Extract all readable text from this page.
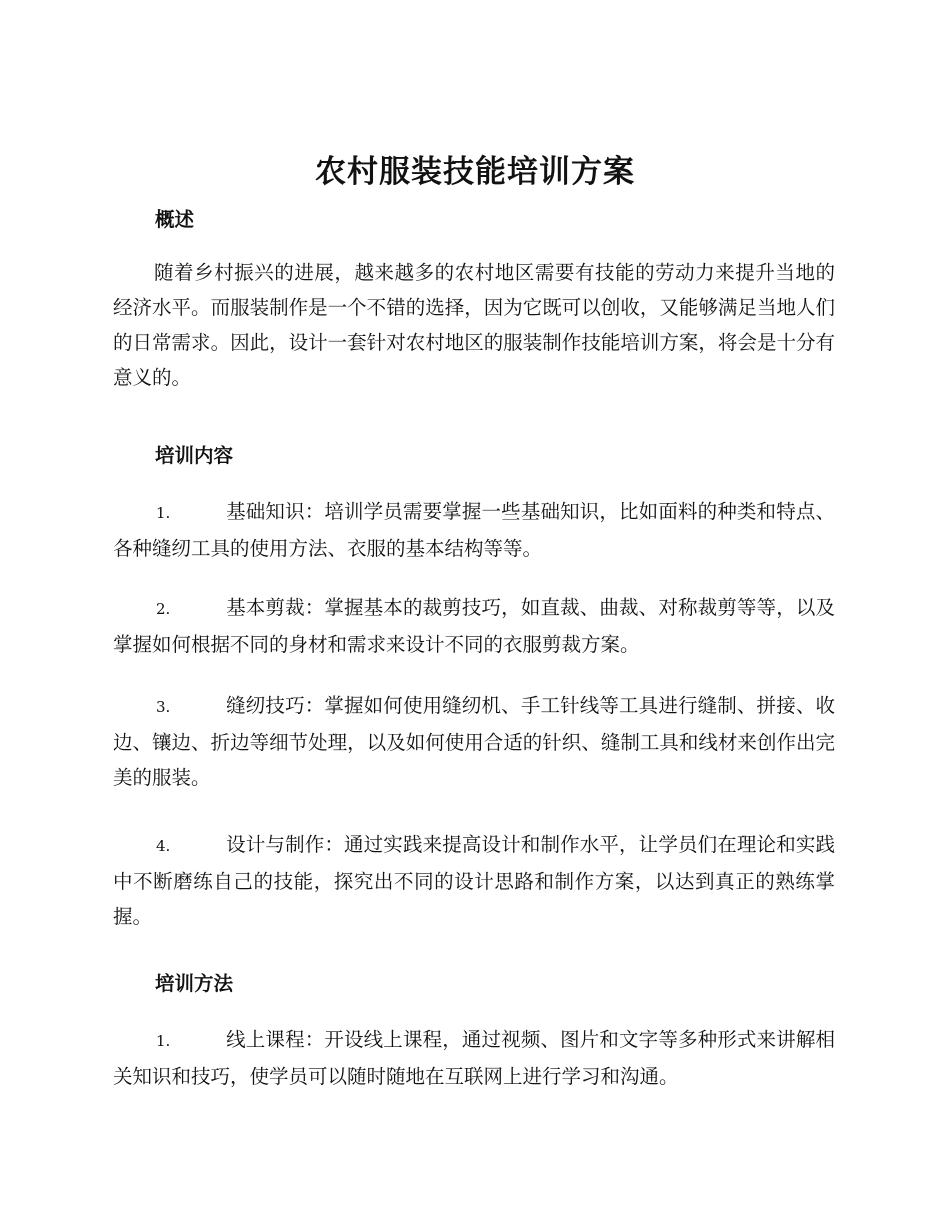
农村服装技能培训方案
概述
随着乡村振兴的进展，越来越多的农村地区需要有技能的劳动力来提升当地的经济水平。而服装制作是一个不错的选择，因为它既可以创收，又能够满足当地人们的日常需求。因此，设计一套针对农村地区的服装制作技能培训方案，将会是十分有意义的。
培训内容
1.	基础知识：培训学员需要掌握一些基础知识，比如面料的种类和特点、各种缝纫工具的使用方法、衣服的基本结构等等。
2.	基本剪裁：掌握基本的裁剪技巧，如直裁、曲裁、对称裁剪等等，以及掌握如何根据不同的身材和需求来设计不同的衣服剪裁方案。
3.	缝纫技巧：掌握如何使用缝纫机、手工针线等工具进行缝制、拼接、收边、镶边、折边等细节处理，以及如何使用合适的针织、缝制工具和线材来创作出完美的服装。
4.	设计与制作：通过实践来提高设计和制作水平，让学员们在理论和实践中不断磨练自己的技能，探究出不同的设计思路和制作方案，以达到真正的熟练掌握。
培训方法
1.	线上课程：开设线上课程，通过视频、图片和文字等多种形式来讲解相关知识和技巧，使学员可以随时随地在互联网上进行学习和沟通。
